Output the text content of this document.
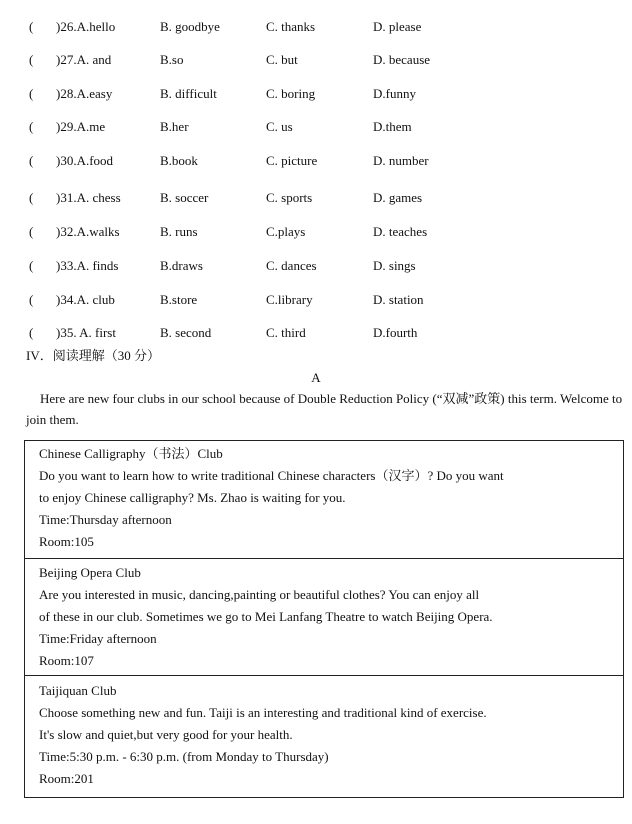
( )26.A.hello	B. goodbye	C. thanks	D. please
( )27.A. and	B.so	C. but	D. because
( )28.A.easy	B. difficult	C. boring	D.funny
( )29.A.me	B.her	C. us	D.them
( )30.A.food	B.book	C. picture	D. number
( )31.A. chess	B. soccer	C. sports	D. games
( )32.A.walks	B. runs	C.plays	D. teaches
( )33.A. finds	B.draws	C. dances	D. sings
( )34.A. club	B.store	C.library	D. station
( )35. A. first	B. second	C. third	D.fourth
IV．阅读理解（30 分）
A
Here are new four clubs in our school because of Double Reduction Policy (“双减”政策) this term. Welcome to join them.
Chinese Calligraphy（书法）Club
Do you want to learn how to write traditional Chinese characters（汉字）? Do you want
to enjoy Chinese calligraphy? Ms. Zhao is waiting for you.
Time:Thursday afternoon
Room:105
Beijing Opera Club
Are you interested in music, dancing,painting or beautiful clothes? You can enjoy all
of these in our club. Sometimes we go to Mei Lanfang Theatre to watch Beijing Opera.
Time:Friday afternoon
Room:107
Taijiquan Club
Choose something new and fun. Taiji is an interesting and traditional kind of exercise.
It's slow and quiet,but very good for your health.
Time:5:30 p.m. - 6:30 p.m. (from Monday to Thursday)
Room:201
